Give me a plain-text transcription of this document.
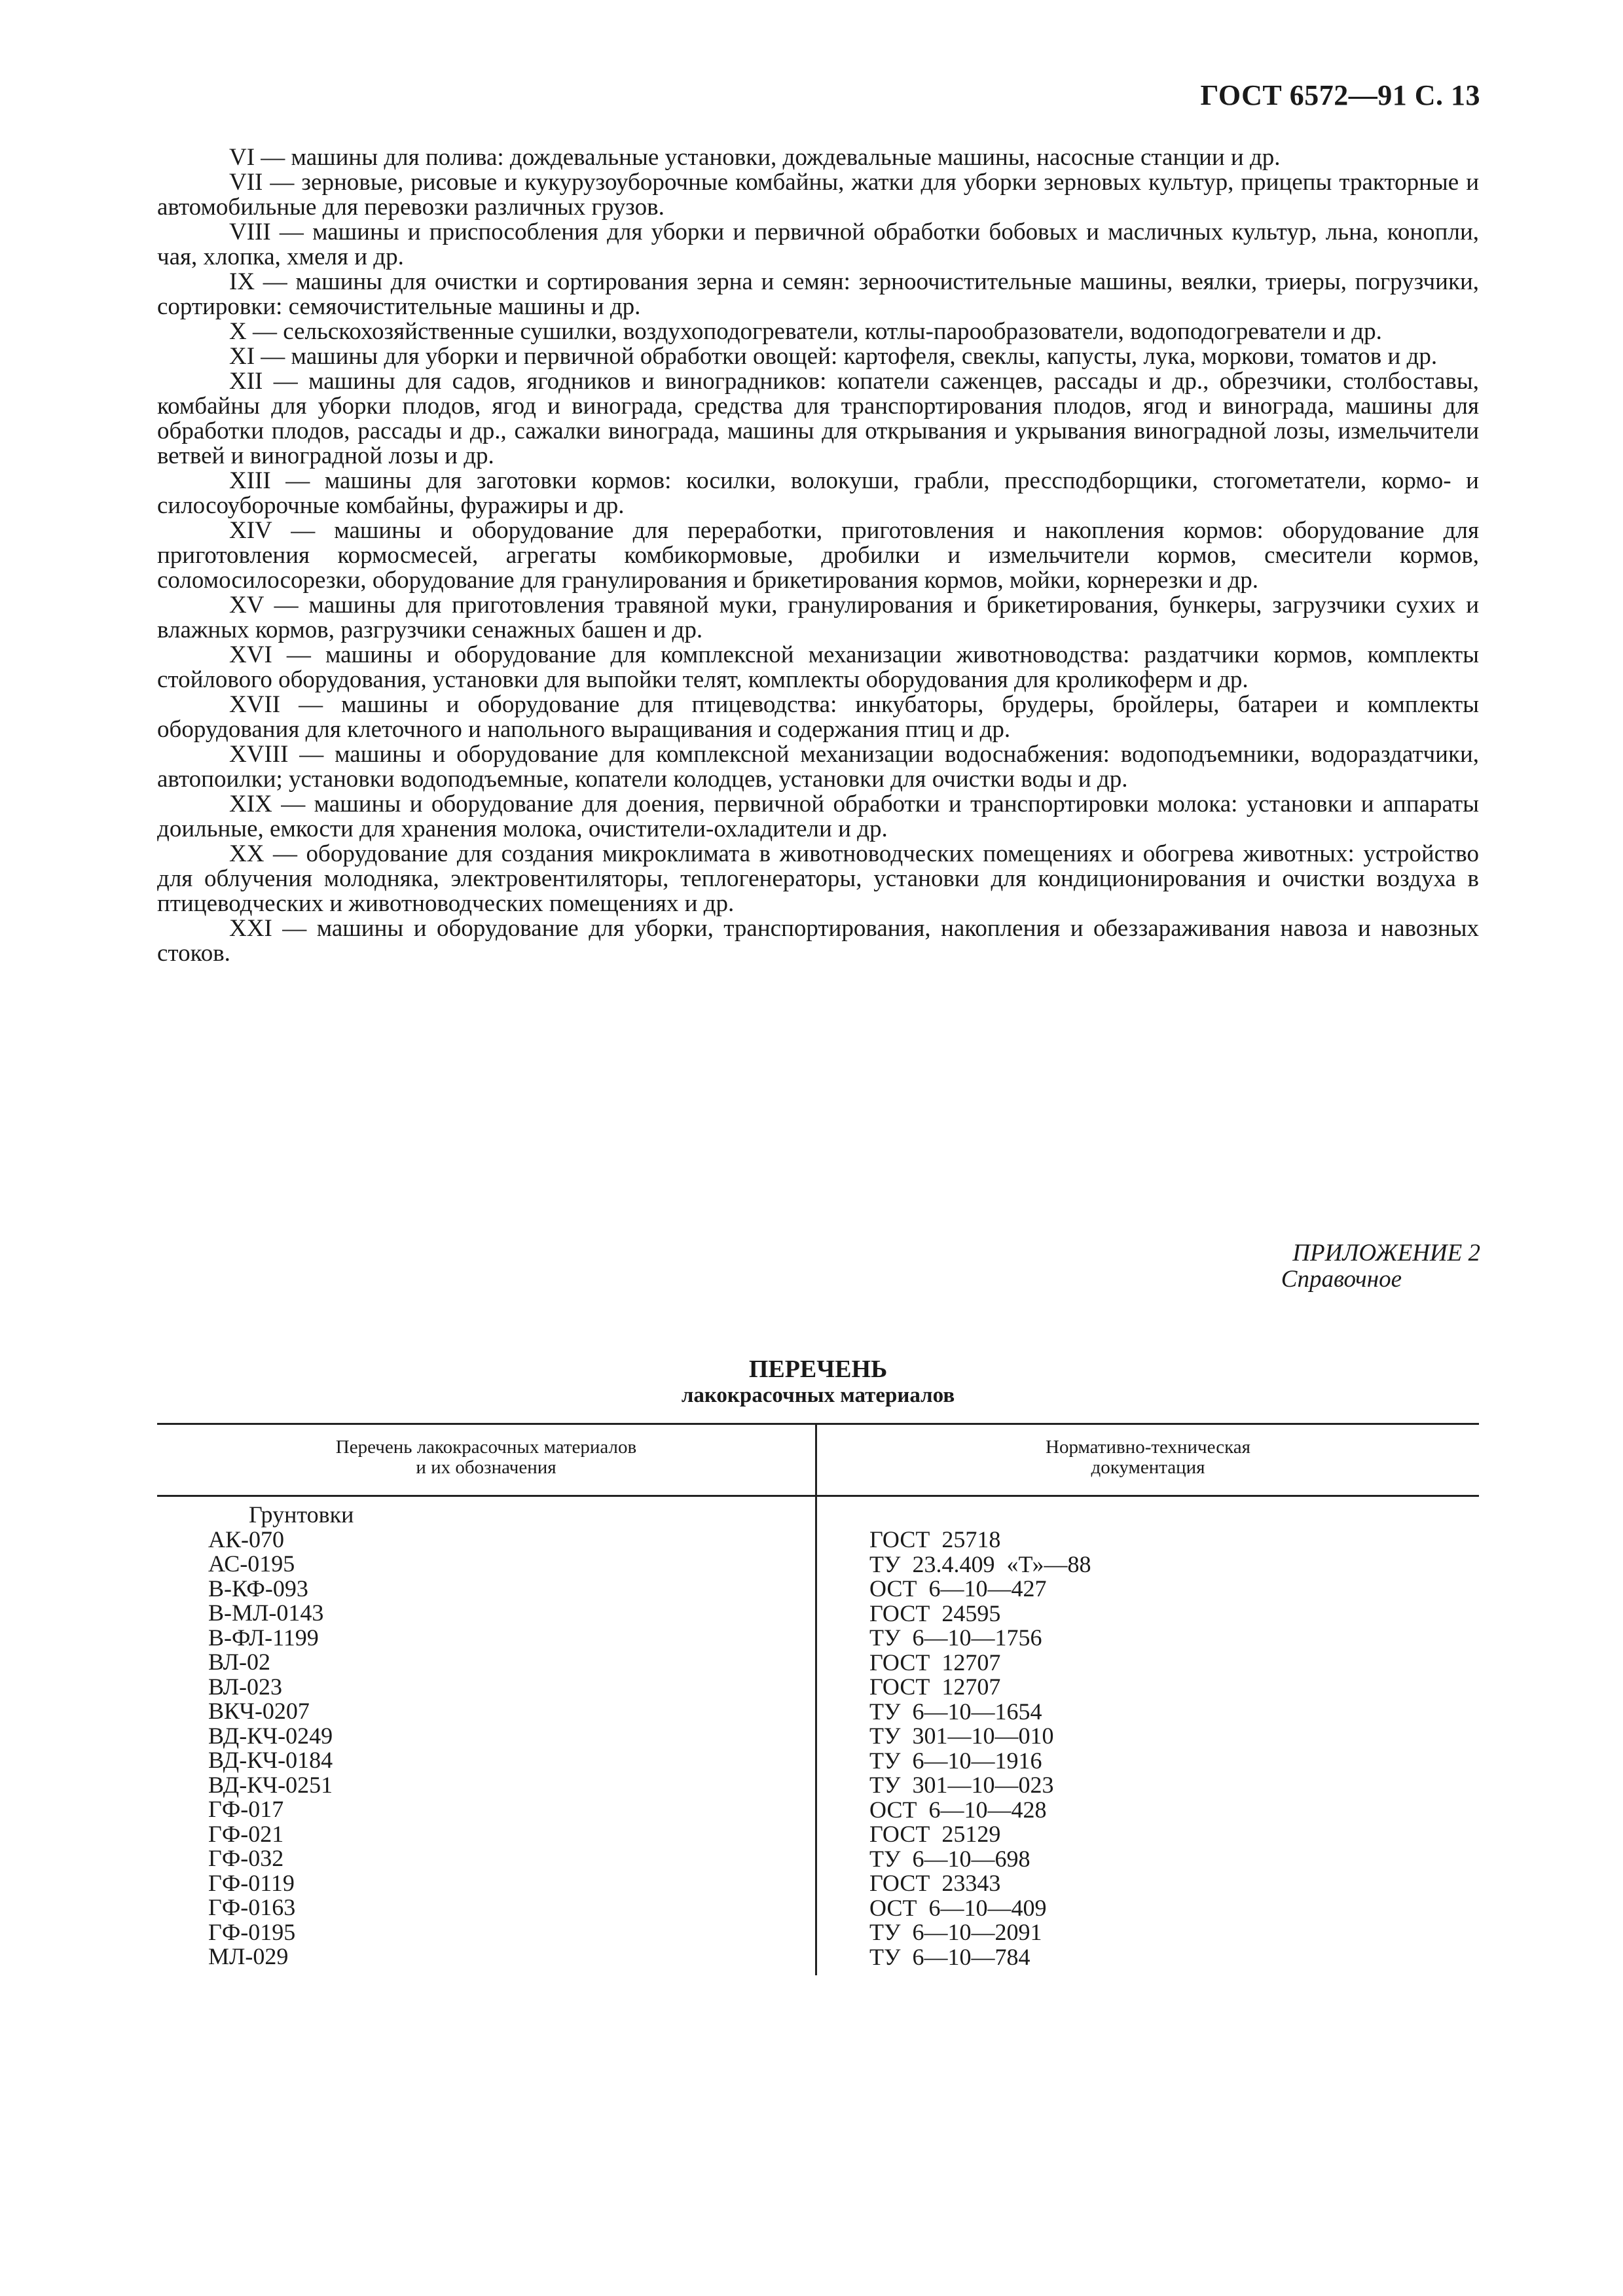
ГОСТ 6572—91 С. 13

VI — машины для полива: дождевальные установки, дождевальные машины, насосные станции и др.

VII — зерновые, рисовые и кукурузоуборочные комбайны, жатки для уборки зерновых культур, прицепы тракторные и автомобильные для перевозки различных грузов.

VIII — машины и приспособления для уборки и первичной обработки бобовых и масличных культур, льна, конопли, чая, хлопка, хмеля и др.

IX — машины для очистки и сортирования зерна и семян: зерноочистительные машины, веялки, триеры, погрузчики, сортировки: семяочистительные машины и др.

X — сельскохозяйственные сушилки, воздухоподогреватели, котлы-парообразователи, водоподогреватели и др.

XI — машины для уборки и первичной обработки овощей: картофеля, свеклы, капусты, лука, моркови, томатов и др.

XII — машины для садов, ягодников и виноградников: копатели саженцев, рассады и др., обрезчики, столбоставы, комбайны для уборки плодов, ягод и винограда, средства для транспортирования плодов, ягод и винограда, машины для обработки плодов, рассады и др., сажалки винограда, машины для открывания и укрывания виноградной лозы, измельчители ветвей и виноградной лозы и др.

XIII — машины для заготовки кормов: косилки, волокуши, грабли, прессподборщики, стогометатели, кормо- и силосоуборочные комбайны, фуражиры и др.

XIV — машины и оборудование для переработки, приготовления и накопления кормов: оборудование для приготовления кормосмесей, агрегаты комбикормовые, дробилки и измельчители кормов, смесители кормов, соломосилосорезки, оборудование для гранулирования и брикетирования кормов, мойки, корнерезки и др.

XV — машины для приготовления травяной муки, гранулирования и брикетирования, бункеры, загрузчики сухих и влажных кормов, разгрузчики сенажных башен и др.

XVI — машины и оборудование для комплексной механизации животноводства: раздатчики кормов, комплекты стойлового оборудования, установки для выпойки телят, комплекты оборудования для кроликоферм и др.

XVII — машины и оборудование для птицеводства: инкубаторы, брудеры, бройлеры, батареи и комплекты оборудования для клеточного и напольного выращивания и содержания птиц и др.

XVIII — машины и оборудование для комплексной механизации водоснабжения: водоподъемники, водораздатчики, автопоилки; установки водоподъемные, копатели колодцев, установки для очистки воды и др.

XIX — машины и оборудование для доения, первичной обработки и транспортировки молока: установки и аппараты доильные, емкости для хранения молока, очистители-охладители и др.

XX — оборудование для создания микроклимата в животноводческих помещениях и обогрева животных: устройство для облучения молодняка, электровентиляторы, теплогенераторы, установки для кондиционирования и очистки воздуха в птицеводческих и животноводческих помещениях и др.

XXI — машины и оборудование для уборки, транспортирования, накопления и обеззараживания навоза и навозных стоков.

ПРИЛОЖЕНИЕ 2
Справочное
ПЕРЕЧЕНЬ
лакокрасочных материалов
Перечень лакокрасочных материалов
и их обозначения
Нормативно-техническая
документация
Грунтовки
АК-070
АС-0195
В-КФ-093
В-МЛ-0143
В-ФЛ-1199
ВЛ-02
ВЛ-023
ВКЧ-0207
ВД-КЧ-0249
ВД-КЧ-0184
ВД-КЧ-0251
ГФ-017
ГФ-021
ГФ-032
ГФ-0119
ГФ-0163
ГФ-0195
МЛ-029
ГОСТ  25718
ТУ  23.4.409  «Т»—88
ОСТ  6—10—427
ГОСТ  24595
ТУ  6—10—1756
ГОСТ  12707
ГОСТ  12707
ТУ  6—10—1654
ТУ  301—10—010
ТУ  6—10—1916
ТУ  301—10—023
ОСТ  6—10—428
ГОСТ  25129
ТУ  6—10—698
ГОСТ  23343
ОСТ  6—10—409
ТУ  6—10—2091
ТУ  6—10—784
